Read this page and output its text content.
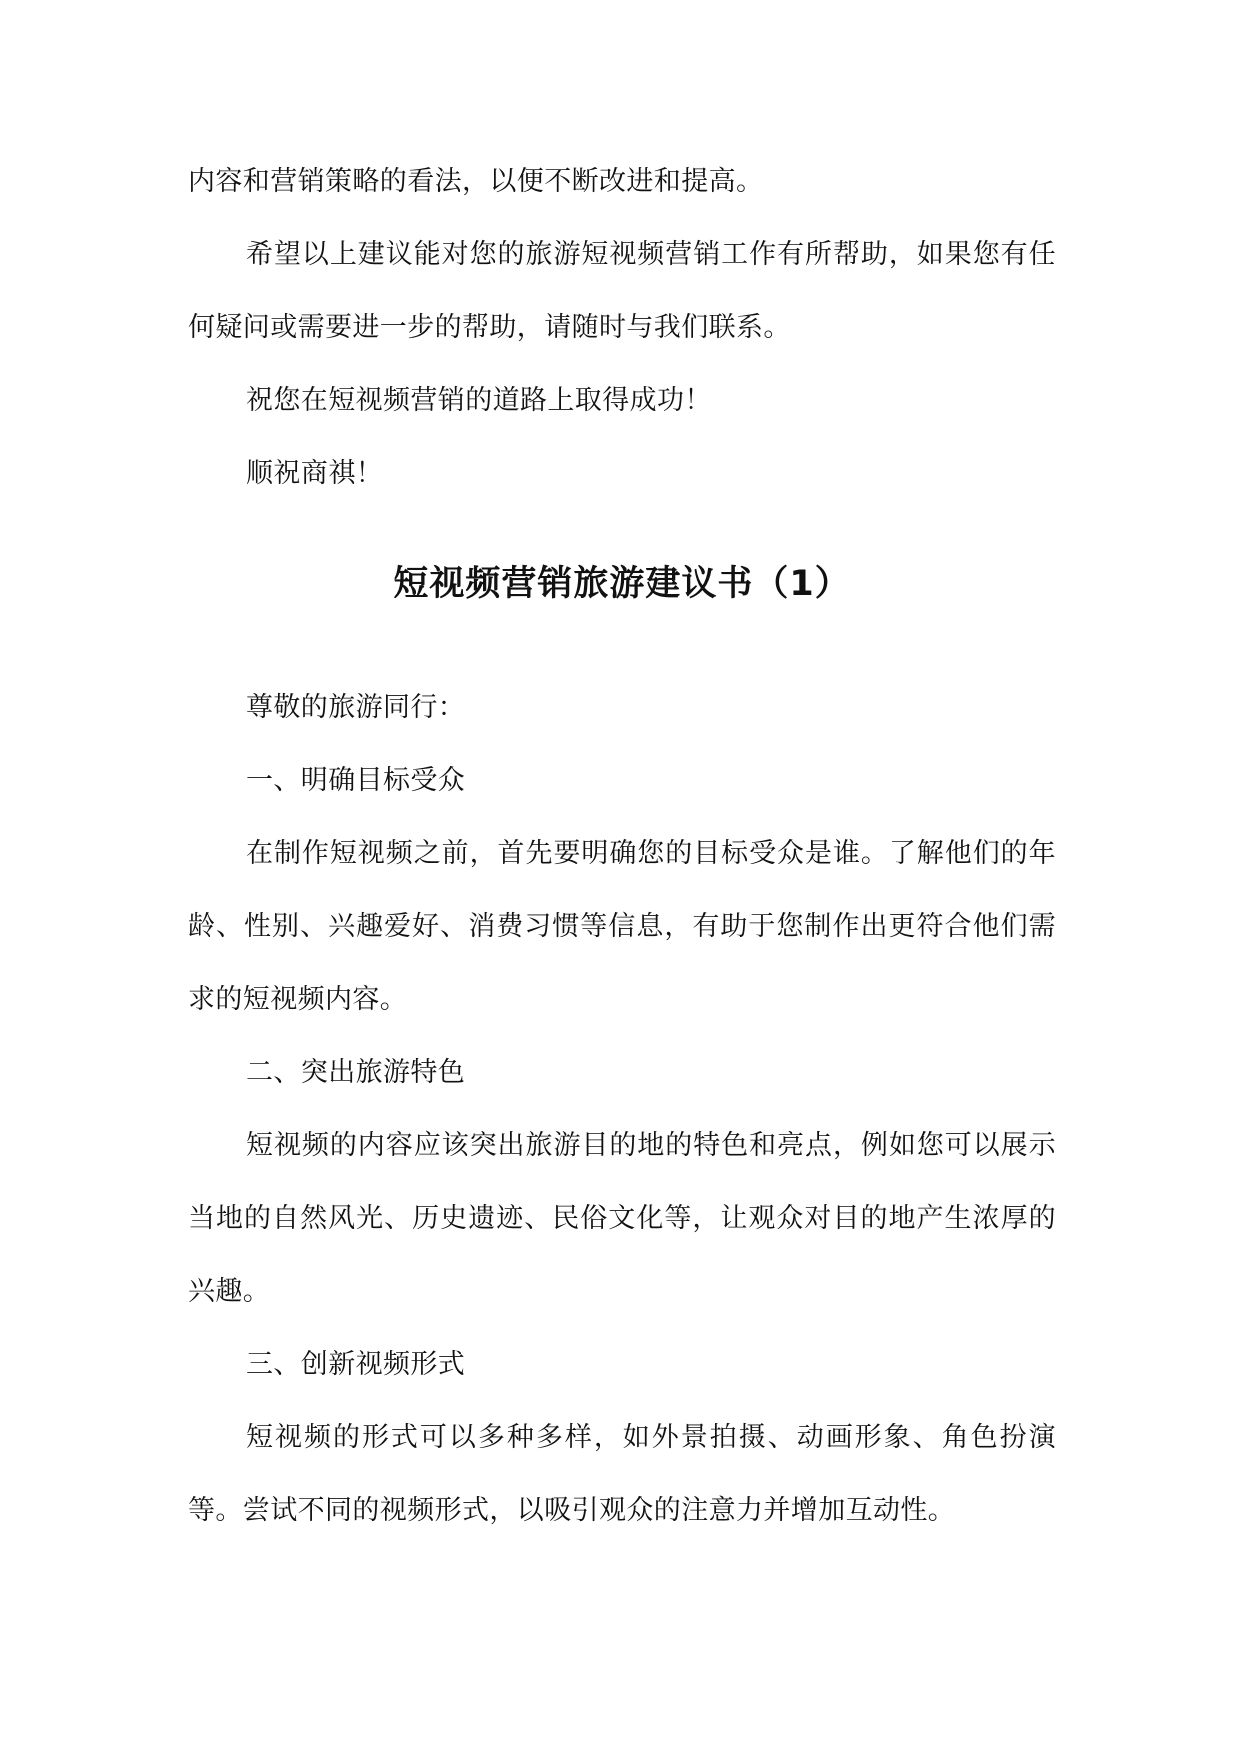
内容和营销策略的看法，以便不断改进和提高。

希望以上建议能对您的旅游短视频营销工作有所帮助，如果您有任何疑问或需要进一步的帮助，请随时与我们联系。

祝您在短视频营销的道路上取得成功！

顺祝商祺！

短视频营销旅游建议书（1）

尊敬的旅游同行：

一、明确目标受众

在制作短视频之前，首先要明确您的目标受众是谁。了解他们的年龄、性别、兴趣爱好、消费习惯等信息，有助于您制作出更符合他们需求的短视频内容。

二、突出旅游特色

短视频的内容应该突出旅游目的地的特色和亮点，例如您可以展示当地的自然风光、历史遗迹、民俗文化等，让观众对目的地产生浓厚的兴趣。

三、创新视频形式

短视频的形式可以多种多样，如外景拍摄、动画形象、角色扮演等。尝试不同的视频形式，以吸引观众的注意力并增加互动性。
